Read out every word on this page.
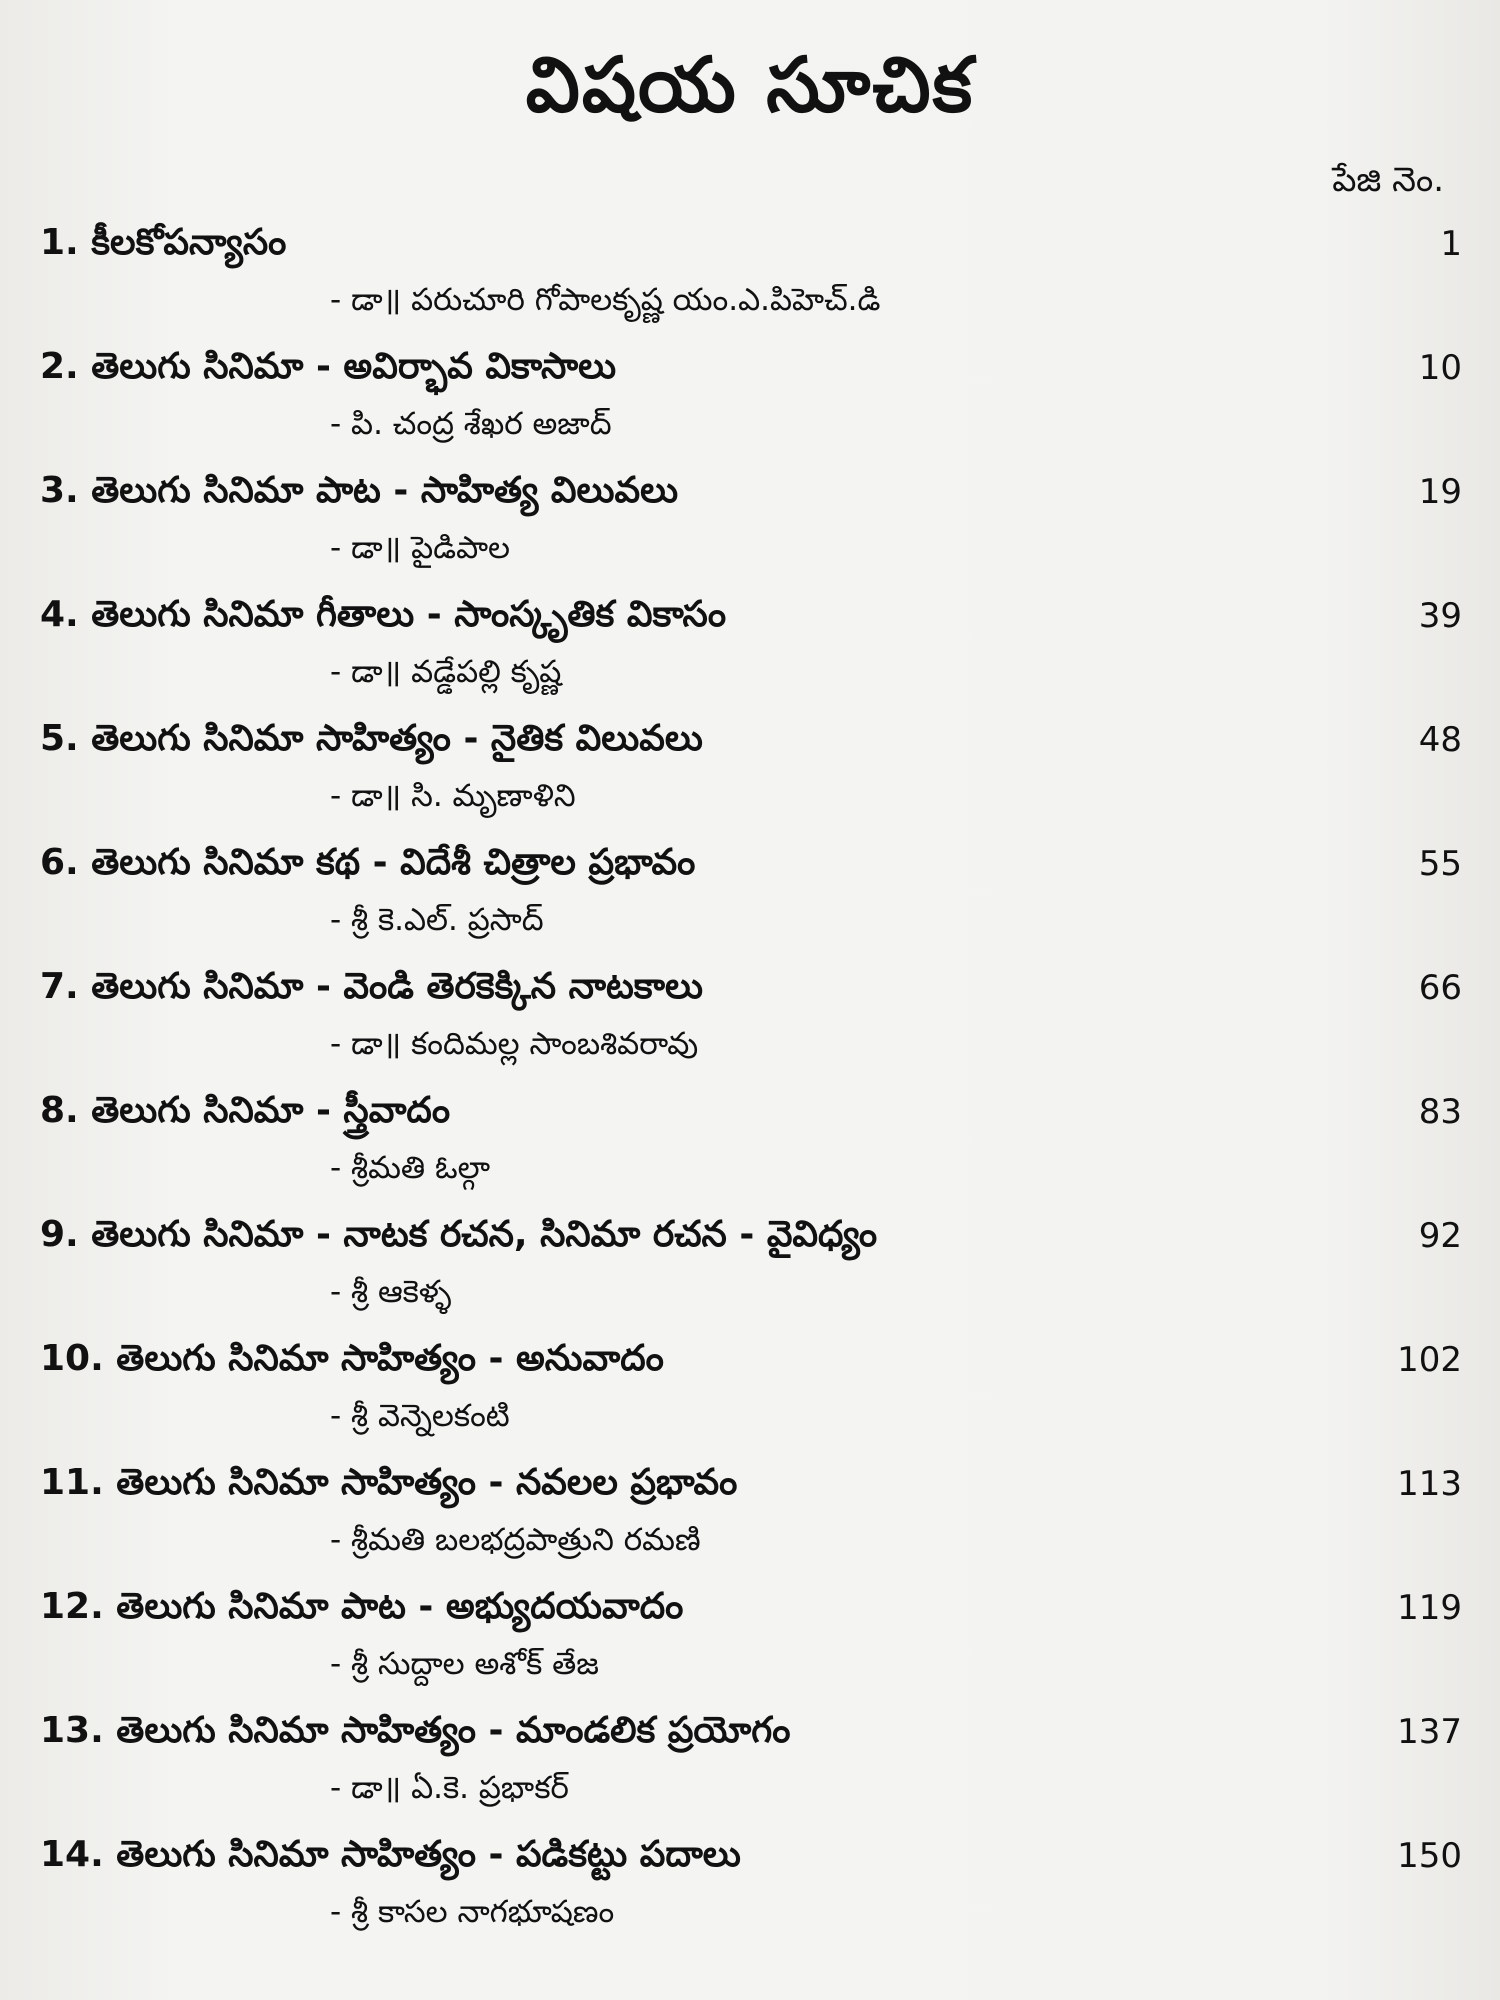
విషయ సూచిక
పేజి నెం.
1. కీలకోపన్యాసం	1
- డా॥ పరుచూరి గోపాలకృష్ణ యం.ఎ.పిహెచ్.డి
2. తెలుగు సినిమా - అవిర్భావ వికాసాలు	10
- పి. చంద్ర శేఖర అజాద్
3. తెలుగు సినిమా పాట - సాహిత్య విలువలు	19
- డా॥ పైడిపాల
4. తెలుగు సినిమా గీతాలు - సాంస్కృతిక వికాసం	39
- డా॥ వడ్డేపల్లి కృష్ణ
5. తెలుగు సినిమా సాహిత్యం - నైతిక విలువలు	48
- డా॥ సి. మృణాళిని
6. తెలుగు సినిమా కథ - విదేశీ చిత్రాల ప్రభావం	55
- శ్రీ కె.ఎల్. ప్రసాద్
7. తెలుగు సినిమా - వెండి తెరకెక్కిన నాటకాలు	66
- డా॥ కందిమల్ల సాంబశివరావు
8. తెలుగు సినిమా - స్త్రీవాదం	83
- శ్రీమతి ఓల్గా
9. తెలుగు సినిమా - నాటక రచన, సినిమా రచన - వైవిధ్యం	92
- శ్రీ ఆకెళ్ళ
10. తెలుగు సినిమా సాహిత్యం - అనువాదం	102
- శ్రీ వెన్నెలకంటి
11. తెలుగు సినిమా సాహిత్యం - నవలల ప్రభావం	113
- శ్రీమతి బలభద్రపాత్రుని రమణి
12. తెలుగు సినిమా పాట - అభ్యుదయవాదం	119
- శ్రీ సుద్దాల అశోక్ తేజ
13. తెలుగు సినిమా సాహిత్యం - మాండలిక ప్రయోగం	137
- డా॥ ఏ.కె. ప్రభాకర్
14. తెలుగు సినిమా సాహిత్యం - పడికట్టు పదాలు	150
- శ్రీ కాసల నాగభూషణం
